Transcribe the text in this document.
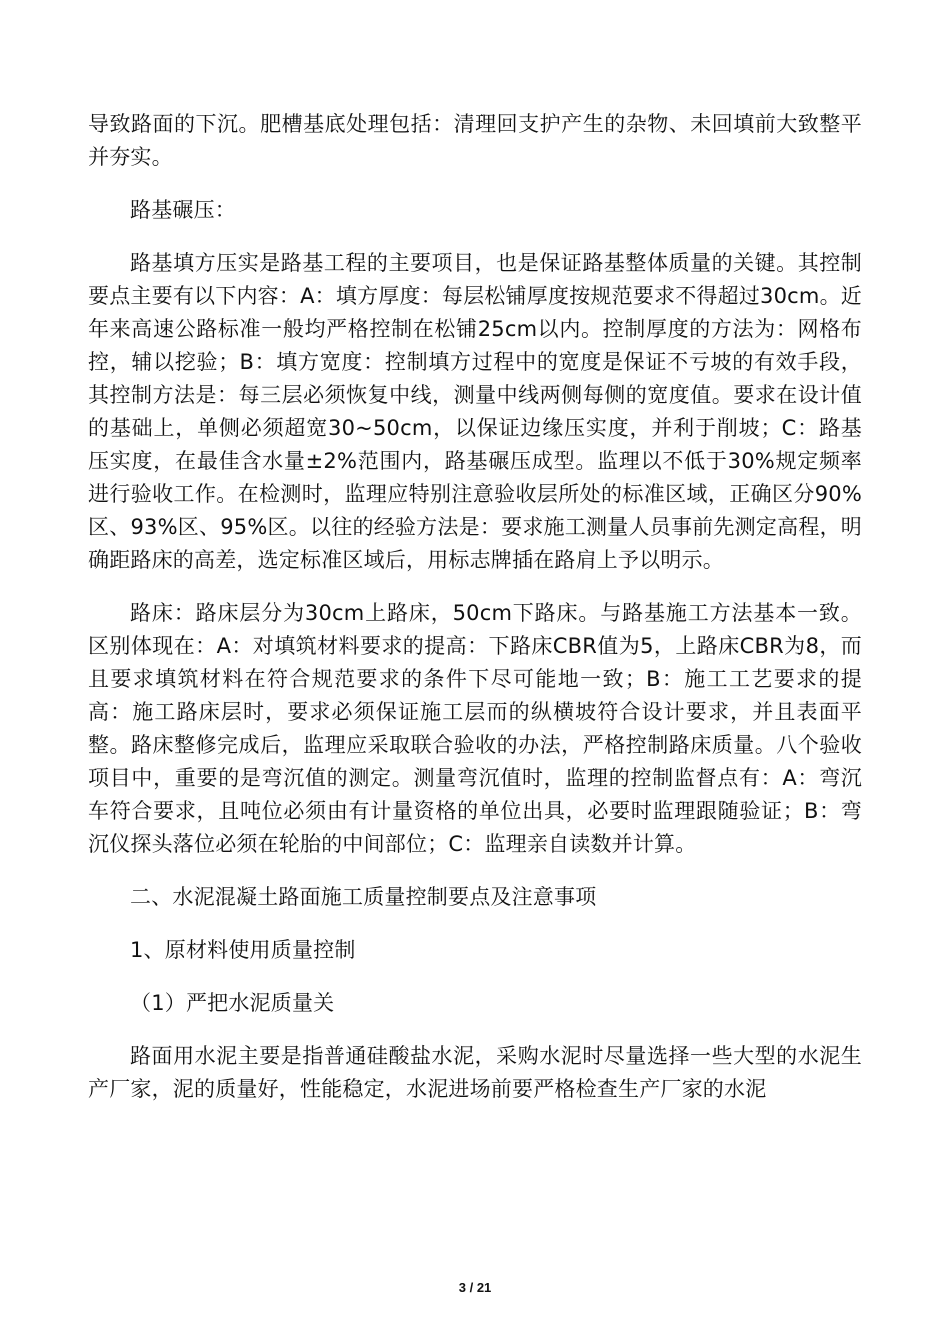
导致路面的下沉。肥槽基底处理包括：清理回支护产生的杂物、未回填前大致整平并夯实。

路基碾压：

路基填方压实是路基工程的主要项目，也是保证路基整体质量的关键。其控制要点主要有以下内容：A：填方厚度：每层松铺厚度按规范要求不得超过30cm。近年来高速公路标准一般均严格控制在松铺25cm以内。控制厚度的方法为：网格布控，辅以挖验；B：填方宽度：控制填方过程中的宽度是保证不亏坡的有效手段，其控制方法是：每三层必须恢复中线，测量中线两侧每侧的宽度值。要求在设计值的基础上，单侧必须超宽30~50cm，以保证边缘压实度，并利于削坡；C：路基压实度，在最佳含水量±2%范围内，路基碾压成型。监理以不低于30%规定频率进行验收工作。在检测时，监理应特别注意验收层所处的标准区域，正确区分90%区、93%区、95%区。以往的经验方法是：要求施工测量人员事前先测定高程，明确距路床的高差，选定标准区域后，用标志牌插在路肩上予以明示。

路床：路床层分为30cm上路床，50cm下路床。与路基施工方法基本一致。区别体现在：A：对填筑材料要求的提高：下路床CBR值为5，上路床CBR为8，而且要求填筑材料在符合规范要求的条件下尽可能地一致；B：施工工艺要求的提高：施工路床层时，要求必须保证施工层而的纵横坡符合设计要求，并且表面平整。路床整修完成后，监理应采取联合验收的办法，严格控制路床质量。八个验收项目中，重要的是弯沉值的测定。测量弯沉值时，监理的控制监督点有：A：弯沉车符合要求，且吨位必须由有计量资格的单位出具，必要时监理跟随验证；B：弯沉仪探头落位必须在轮胎的中间部位；C：监理亲自读数并计算。

二、水泥混凝土路面施工质量控制要点及注意事项

1、原材料使用质量控制

（1）严把水泥质量关

路面用水泥主要是指普通硅酸盐水泥，采购水泥时尽量选择一些大型的水泥生产厂家，泥的质量好，性能稳定，水泥进场前要严格检查生产厂家的水泥

3 / 21
